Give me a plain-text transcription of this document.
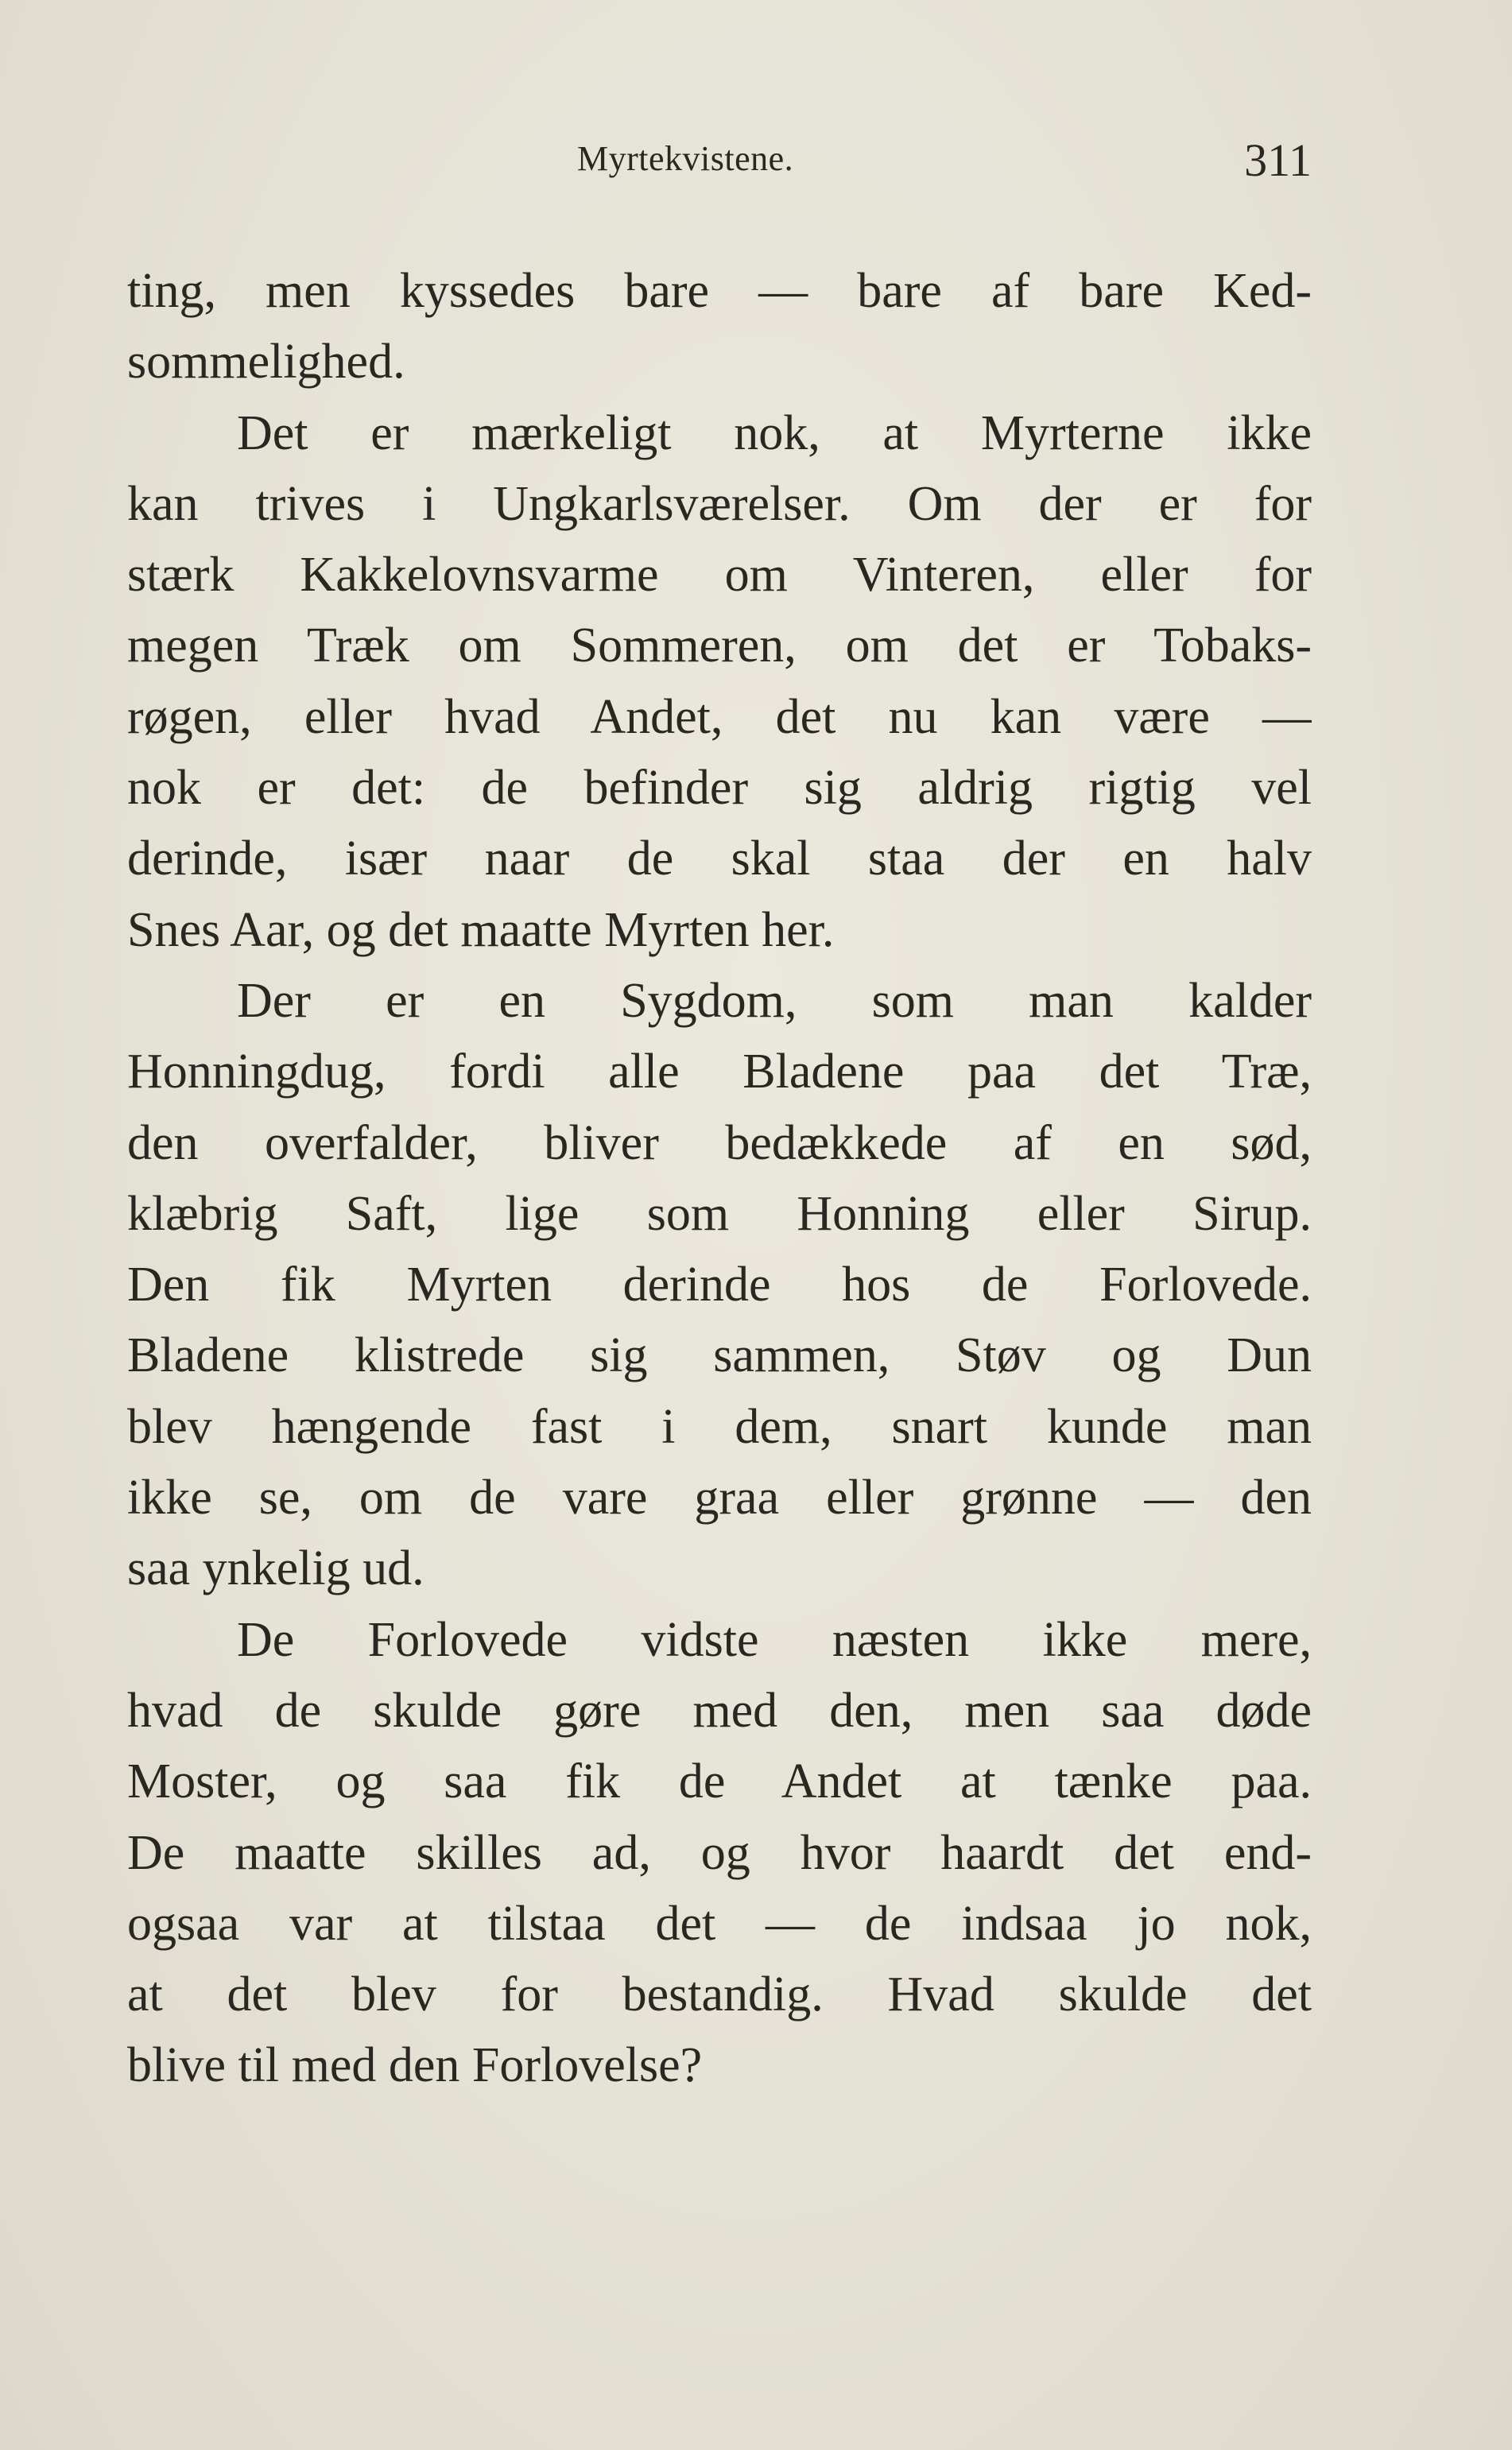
Myrtekvistene.	311
ting, men kyssedes bare — bare af bare Ked-
sommelighed.
Det er mærkeligt nok, at Myrterne ikke
kan trives i Ungkarlsværelser. Om der er for
stærk Kakkelovnsvarme om Vinteren, eller for
megen Træk om Sommeren, om det er Tobaks-
røgen, eller hvad Andet, det nu kan være —
nok er det: de befinder sig aldrig rigtig vel
derinde, især naar de skal staa der en halv
Snes Aar, og det maatte Myrten her.
Der er en Sygdom, som man kalder
Honningdug, fordi alle Bladene paa det Træ,
den overfalder, bliver bedækkede af en sød,
klæbrig Saft, lige som Honning eller Sirup.
Den fik Myrten derinde hos de Forlovede.
Bladene klistrede sig sammen, Støv og Dun
blev hængende fast i dem, snart kunde man
ikke se, om de vare graa eller grønne — den
saa ynkelig ud.
De Forlovede vidste næsten ikke mere,
hvad de skulde gøre med den, men saa døde
Moster, og saa fik de Andet at tænke paa.
De maatte skilles ad, og hvor haardt det end-
ogsaa var at tilstaa det — de indsaa jo nok,
at det blev for bestandig. Hvad skulde det
blive til med den Forlovelse?
